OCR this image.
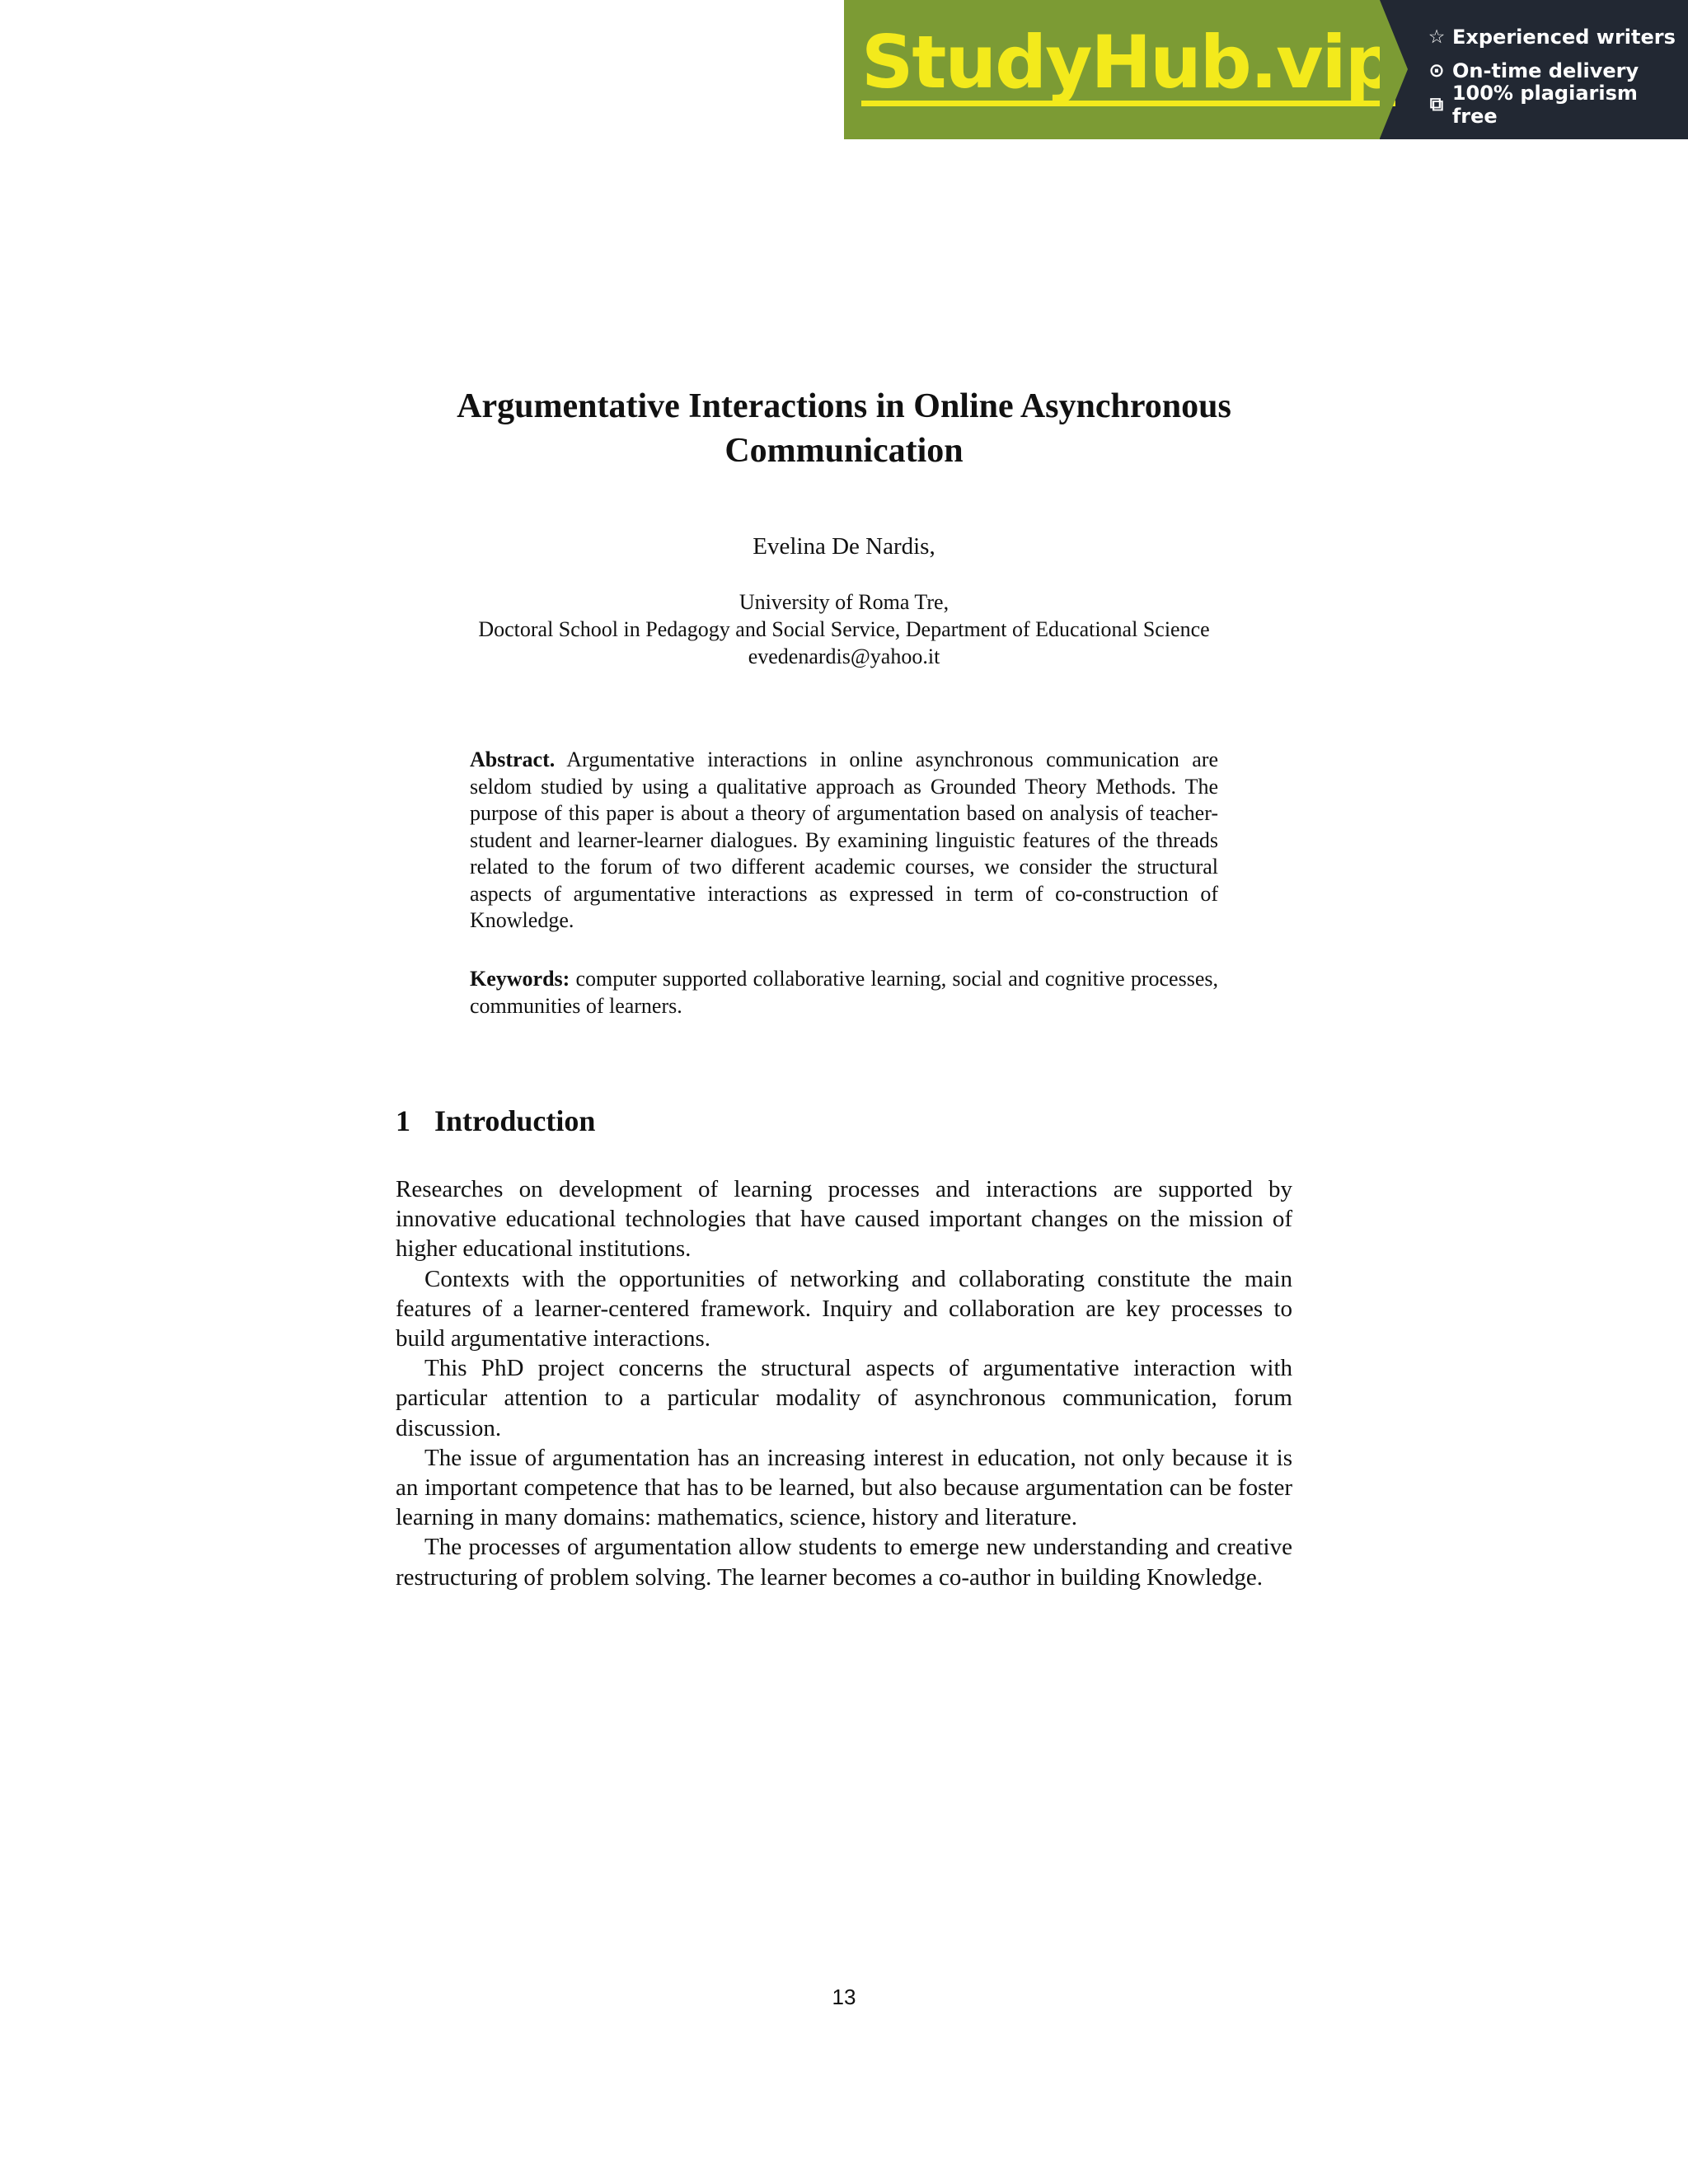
StudyHub.vip ☆ Experienced writers
⊙ On-time delivery
⧉ 100% plagiarism free
Argumentative Interactions in Online Asynchronous
Communication
Evelina De Nardis,
University of Roma Tre,
Doctoral School in Pedagogy and Social Service, Department of Educational Science
evedenardis@yahoo.it

Abstract. Argumentative interactions in online asynchronous communication are seldom studied by using a qualitative approach as Grounded Theory Methods. The purpose of this paper is about a theory of argumentation based on analysis of teacher-student and learner-learner dialogues. By examining linguistic features of the threads related to the forum of two different academic courses, we consider the structural aspects of argumentative interactions as expressed in term of co-construction of Knowledge.

Keywords: computer supported collaborative learning, social and cognitive processes, communities of learners.

1 Introduction

Researches on development of learning processes and interactions are supported by innovative educational technologies that have caused important changes on the mission of higher educational institutions.

Contexts with the opportunities of networking and collaborating constitute the main features of a learner-centered framework. Inquiry and collaboration are key processes to build argumentative interactions.

This PhD project concerns the structural aspects of argumentative interaction with particular attention to a particular modality of asynchronous communication, forum discussion.

The issue of argumentation has an increasing interest in education, not only because it is an important competence that has to be learned, but also because argumentation can be foster learning in many domains: mathematics, science, history and literature.

The processes of argumentation allow students to emerge new understanding and creative restructuring of problem solving. The learner becomes a co-author in building Knowledge.

13
